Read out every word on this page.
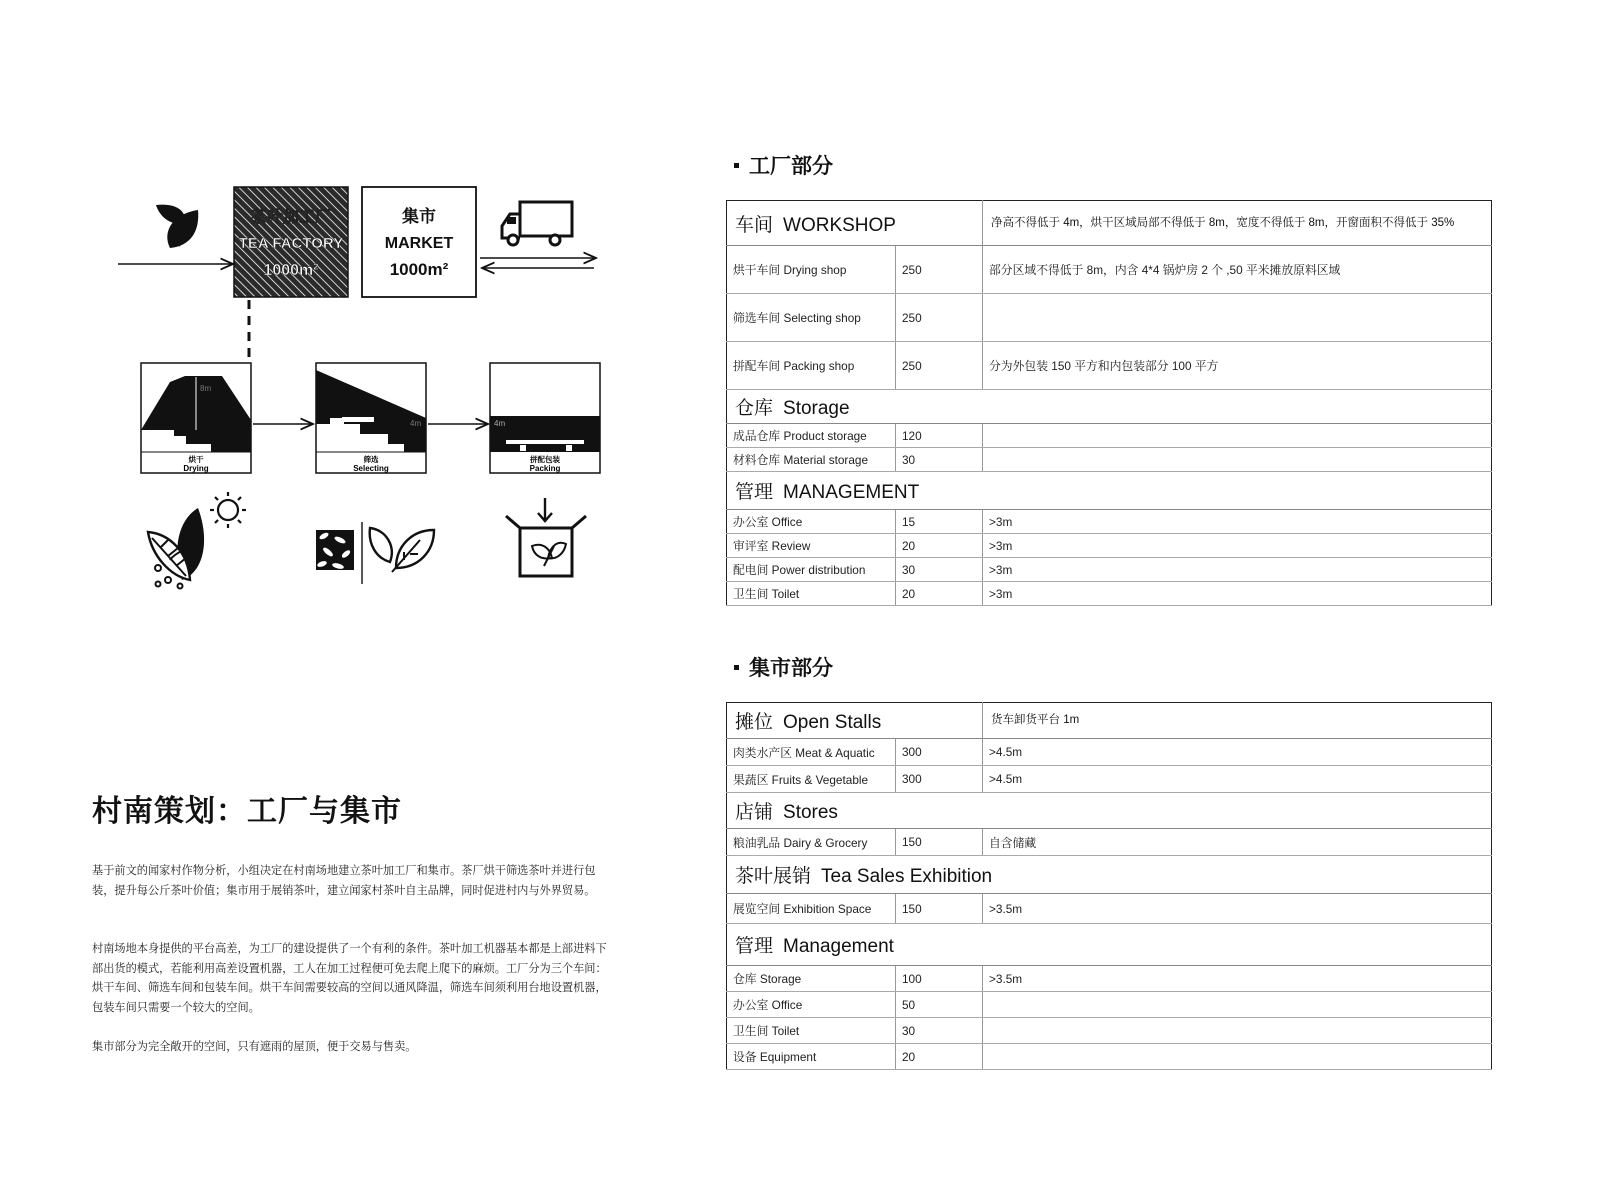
茶叶加工厂
TEA FACTORY
1000m²
集市
MARKET
1000m²
8m
烘干
Drying
4m
筛选
Selecting
4m
拼配包装
Packing
村南策划：工厂与集市
基于前文的闻家村作物分析，小组决定在村南场地建立茶叶加工厂和集市。茶厂烘干筛选茶叶并进行包装，提升每公斤茶叶价值；集市用于展销茶叶，建立闻家村茶叶自主品牌，同时促进村内与外界贸易。
村南场地本身提供的平台高差，为工厂的建设提供了一个有利的条件。茶叶加工机器基本都是上部进料下部出货的模式，若能利用高差设置机器，工人在加工过程便可免去爬上爬下的麻烦。工厂分为三个车间：烘干车间、筛选车间和包装车间。烘干车间需要较高的空间以通风降温，筛选车间须利用台地设置机器，包装车间只需要一个较大的空间。
集市部分为完全敞开的空间，只有遮雨的屋顶，便于交易与售卖。
工厂部分
车间 WORKSHOP		净高不得低于 4m，烘干区域局部不得低于 8m，宽度不得低于 8m，开窗面积不得低于 35%
烘干车间 Drying shop	250	部分区域不得低于 8m，内含 4*4 锅炉房 2 个 ,50 平米摊放原料区域
筛选车间 Selecting shop	250	
拼配车间 Packing shop	250	分为外包装 150 平方和内包装部分 100 平方
仓库 Storage		
成品仓库 Product storage	120	
材料仓库 Material storage	30	
管理 MANAGEMENT		
办公室 Office	15	>3m
审评室 Review	20	>3m
配电间 Power distribution	30	>3m
卫生间 Toilet	20	>3m
集市部分
摊位 Open Stalls		货车卸货平台 1m
肉类水产区 Meat & Aquatic	300	>4.5m
果蔬区 Fruits & Vegetable	300	>4.5m
店铺 Stores		
粮油乳品 Dairy & Grocery	150	自含储藏
茶叶展销 Tea Sales Exhibition		
展览空间 Exhibition Space	150	>3.5m
管理 Management		
仓库 Storage	100	>3.5m
办公室 Office	50	
卫生间 Toilet	30	
设备 Equipment	20	
